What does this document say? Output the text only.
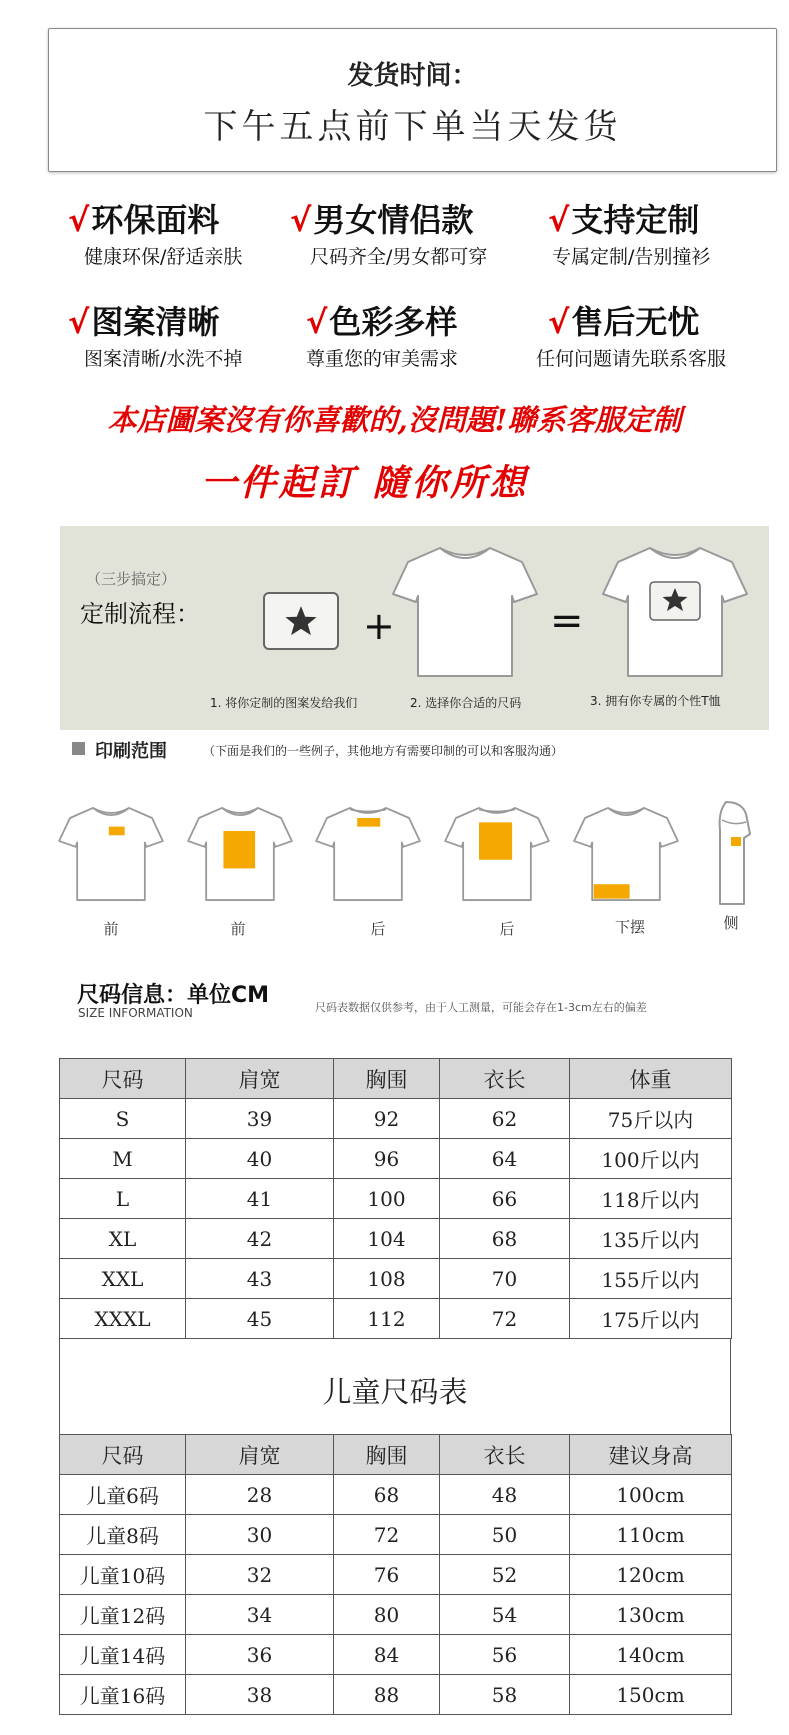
发货时间：
下午五点前下单当天发货
√环保面料
健康环保/舒适亲肤
√男女情侣款
尺码齐全/男女都可穿
√支持定制
专属定制/告别撞衫
√图案清晰
图案清晰/水洗不掉
√色彩多样
尊重您的审美需求
√售后无忧
任何问题请先联系客服
本店圖案沒有你喜歡的,沒問題!聯系客服定制
一件起訂 隨你所想
（三步搞定）
定制流程：	+	=
1. 将你定制的图案发给我们	2. 选择你合适的尺码	3. 拥有你专属的个性T恤
印刷范围	（下面是我们的一些例子，其他地方有需要印制的可以和客服沟通）
前	前	后	后	下摆	侧
尺码信息：单位CM
SIZE INFORMATION	尺码表数据仅供参考，由于人工测量，可能会存在1-3cm左右的偏差
尺码	肩宽	胸围	衣长	体重
S	39	92	62	75斤以内
M	40	96	64	100斤以内
L	41	100	66	118斤以内
XL	42	104	68	135斤以内
XXL	43	108	70	155斤以内
XXXL	45	112	72	175斤以内
儿童尺码表
尺码	肩宽	胸围	衣长	建议身高
儿童6码	28	68	48	100cm
儿童8码	30	72	50	110cm
儿童10码	32	76	52	120cm
儿童12码	34	80	54	130cm
儿童14码	36	84	56	140cm
儿童16码	38	88	58	150cm
